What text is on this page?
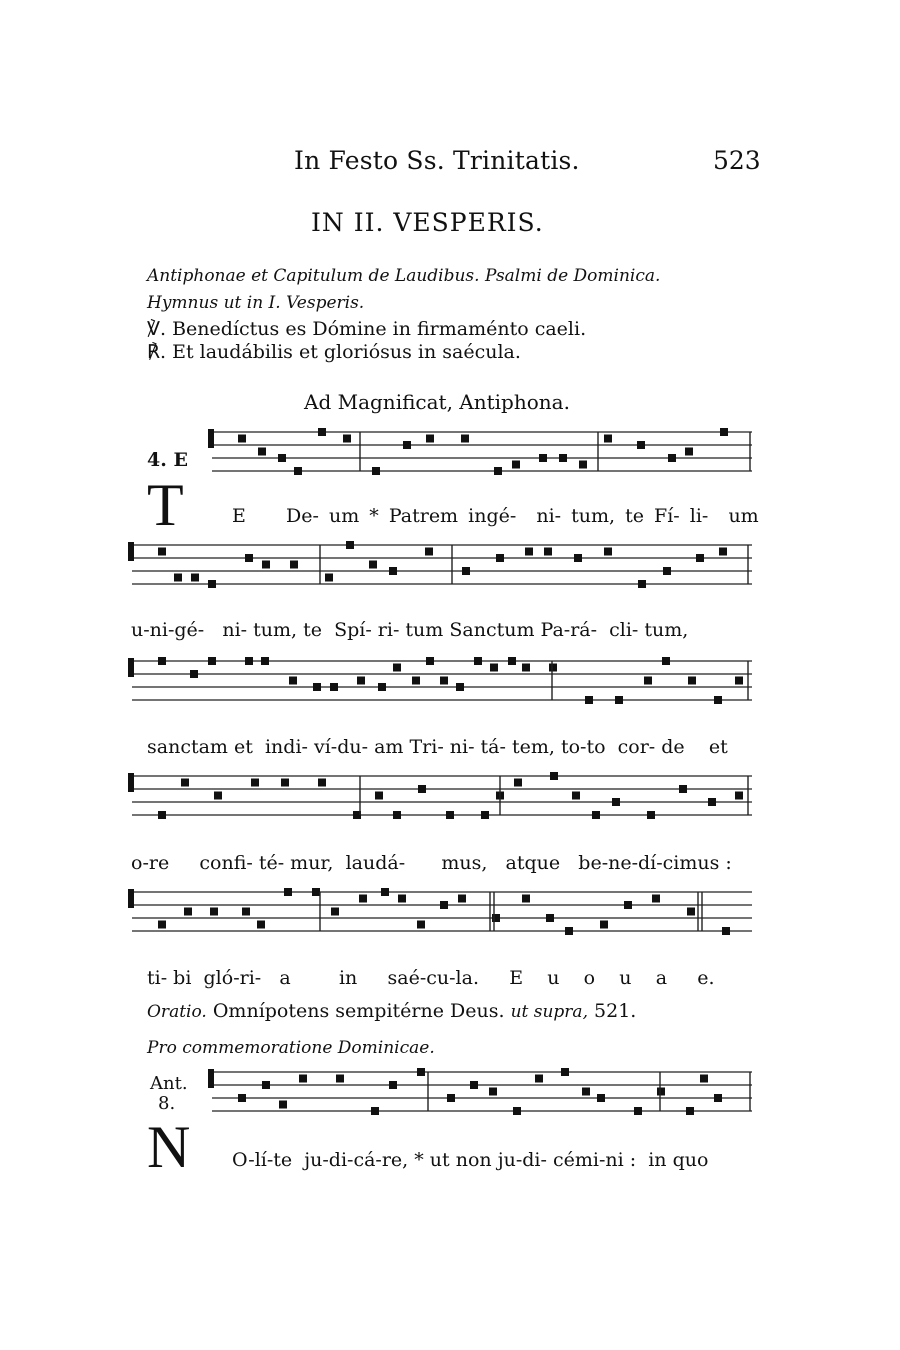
In Festo Ss. Trinitatis.	523
IN II. VESPERIS.
Antiphonae et Capitulum de Laudibus. Psalmi de Dominica.
Hymnus ut in I. Vesperis.
℣. Benedíctus es Dómine in firmaménto caeli.
℟. Et laudábilis et gloriósus in saécula.
Ad Magnificat, Antiphona.
4. E
T	E De- um * Patrem ingé- ni- tum, te Fí- li- um
u-ni-gé- ni- tum, te Spí- ri- tum Sanctum Pa-rá- cli- tum,
sanctam et indi- ví-du- am Tri- ni- tá- tem, to-to cor- de et
o-re confi- té- mur, laudá- mus, atque be-ne-dí-cimus :
ti- bi gló-ri- a	in saé-cu-la. E u o u a e.
Oratio. Omnípotens sempitérne Deus. ut supra, 521.
Pro commemoratione Dominicae.
Ant.
8.
N O-lí-te ju-di-cá-re, * ut non ju-di- cémi-ni : in quo
